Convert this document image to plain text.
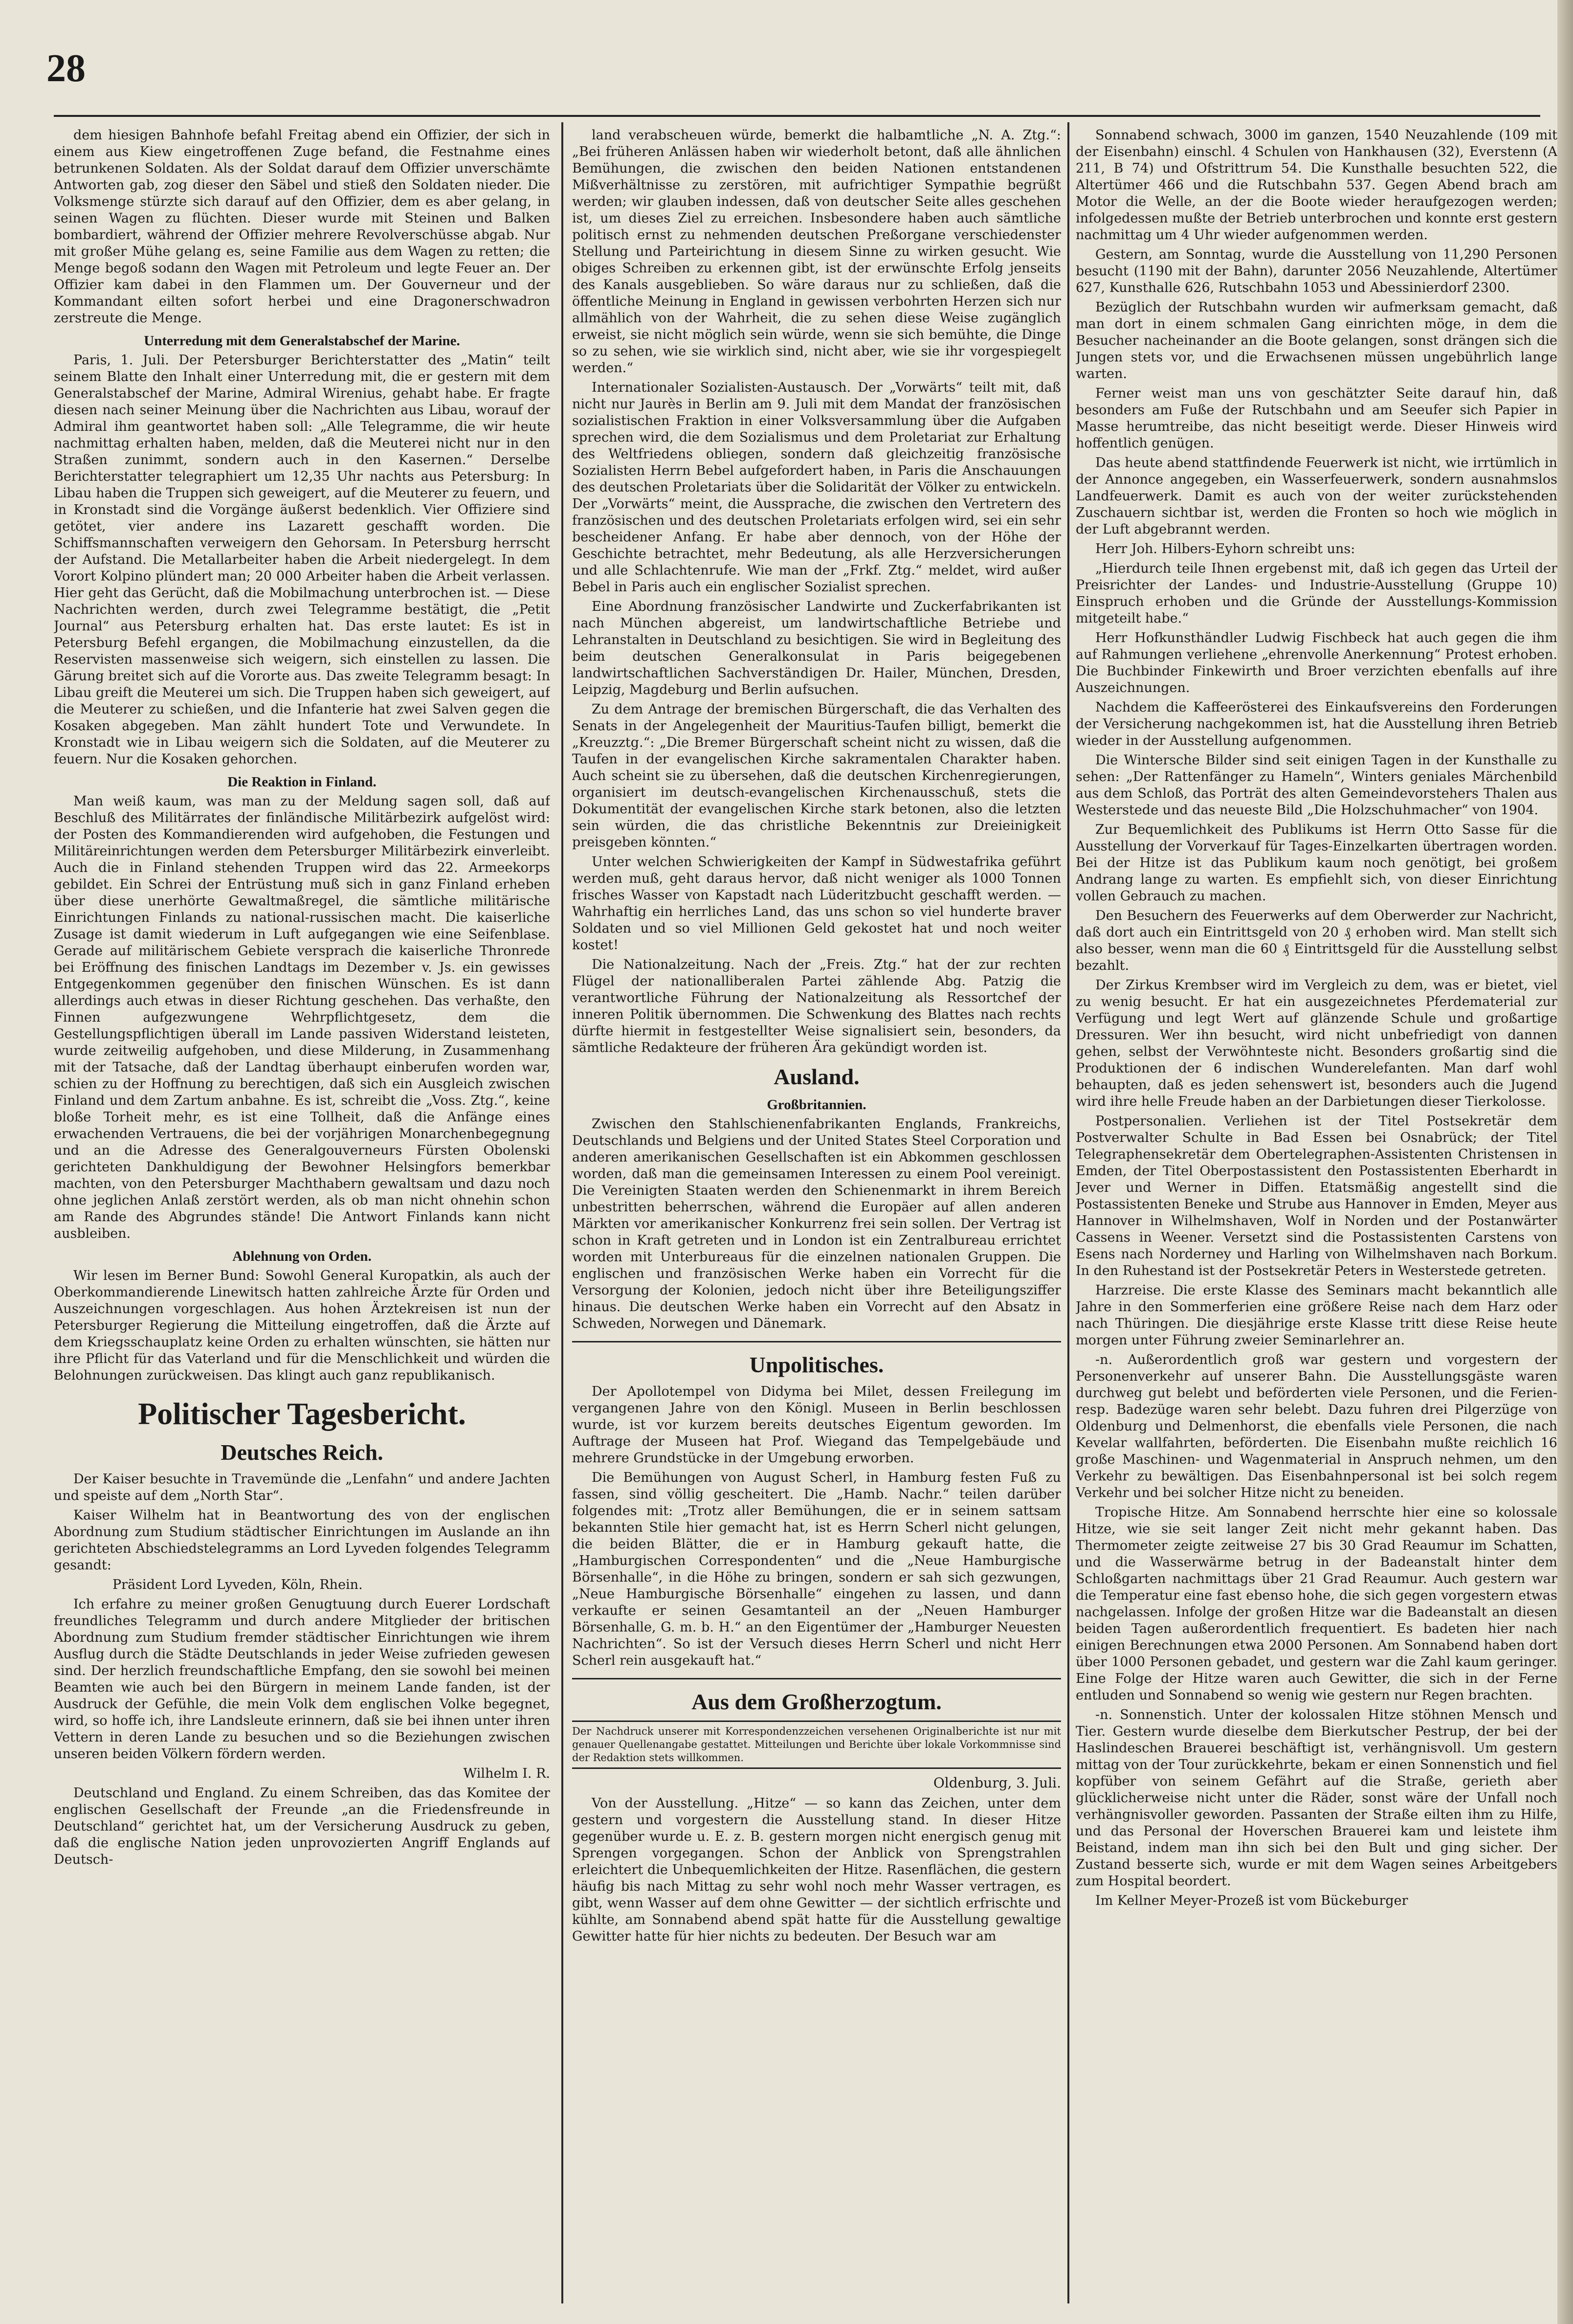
28

dem hiesigen Bahnhofe befahl Freitag abend ein Offizier, der sich in einem aus Kiew eingetroffenen Zuge befand, die Festnahme eines betrunkenen Soldaten. Als der Soldat darauf dem Offizier unverschämte Antworten gab, zog dieser den Säbel und stieß den Soldaten nieder. Die Volksmenge stürzte sich darauf auf den Offizier, dem es aber gelang, in seinen Wagen zu flüchten. Dieser wurde mit Steinen und Balken bombardiert, während der Offizier mehrere Revolverschüsse abgab. Nur mit großer Mühe gelang es, seine Familie aus dem Wagen zu retten; die Menge begoß sodann den Wagen mit Petroleum und legte Feuer an. Der Offizier kam dabei in den Flammen um. Der Gouverneur und der Kommandant eilten sofort herbei und eine Dragonerschwadron zerstreute die Menge.

Unterredung mit dem Generalstabschef der Marine.

Paris, 1. Juli. Der Petersburger Berichterstatter des „Matin“ teilt seinem Blatte den Inhalt einer Unterredung mit, die er gestern mit dem Generalstabschef der Marine, Admiral Wirenius, gehabt habe. Er fragte diesen nach seiner Meinung über die Nachrichten aus Libau, worauf der Admiral ihm geantwortet haben soll: „Alle Telegramme, die wir heute nachmittag erhalten haben, melden, daß die Meuterei nicht nur in den Straßen zunimmt, sondern auch in den Kasernen.“ Derselbe Berichterstatter telegraphiert um 12,35 Uhr nachts aus Petersburg: In Libau haben die Truppen sich geweigert, auf die Meuterer zu feuern, und in Kronstadt sind die Vorgänge äußerst bedenklich. Vier Offiziere sind getötet, vier andere ins Lazarett geschafft worden. Die Schiffsmannschaften verweigern den Gehorsam. In Petersburg herrscht der Aufstand. Die Metallarbeiter haben die Arbeit niedergelegt. In dem Vorort Kolpino plündert man; 20 000 Arbeiter haben die Arbeit verlassen. Hier geht das Gerücht, daß die Mobilmachung unterbrochen ist. — Diese Nachrichten werden, durch zwei Telegramme bestätigt, die „Petit Journal“ aus Petersburg erhalten hat. Das erste lautet: Es ist in Petersburg Befehl ergangen, die Mobilmachung einzustellen, da die Reservisten massenweise sich weigern, sich einstellen zu lassen. Die Gärung breitet sich auf die Vororte aus. Das zweite Telegramm besagt: In Libau greift die Meuterei um sich. Die Truppen haben sich geweigert, auf die Meuterer zu schießen, und die Infanterie hat zwei Salven gegen die Kosaken abgegeben. Man zählt hundert Tote und Verwundete. In Kronstadt wie in Libau weigern sich die Soldaten, auf die Meuterer zu feuern. Nur die Kosaken gehorchen.

Die Reaktion in Finland.

Man weiß kaum, was man zu der Meldung sagen soll, daß auf Beschluß des Militärrates der finländische Militärbezirk aufgelöst wird: der Posten des Kommandierenden wird aufgehoben, die Festungen und Militäreinrichtungen werden dem Petersburger Militärbezirk einverleibt. Auch die in Finland stehenden Truppen wird das 22. Armeekorps gebildet. Ein Schrei der Entrüstung muß sich in ganz Finland erheben über diese unerhörte Gewaltmaßregel, die sämtliche militärische Einrichtungen Finlands zu national-russischen macht. Die kaiserliche Zusage ist damit wiederum in Luft aufgegangen wie eine Seifenblase. Gerade auf militärischem Gebiete versprach die kaiserliche Thronrede bei Eröffnung des finischen Landtags im Dezember v. Js. ein gewisses Entgegenkommen gegenüber den finischen Wünschen. Es ist dann allerdings auch etwas in dieser Richtung geschehen. Das verhaßte, den Finnen aufgezwungene Wehrpflichtgesetz, dem die Gestellungspflichtigen überall im Lande passiven Widerstand leisteten, wurde zeitweilig aufgehoben, und diese Milderung, in Zusammenhang mit der Tatsache, daß der Landtag überhaupt einberufen worden war, schien zu der Hoffnung zu berechtigen, daß sich ein Ausgleich zwischen Finland und dem Zartum anbahne. Es ist, schreibt die „Voss. Ztg.“, keine bloße Torheit mehr, es ist eine Tollheit, daß die Anfänge eines erwachenden Vertrauens, die bei der vorjährigen Monarchenbegegnung und an die Adresse des Generalgouverneurs Fürsten Obolenski gerichteten Dankhuldigung der Bewohner Helsingfors bemerkbar machten, von den Petersburger Machthabern gewaltsam und dazu noch ohne jeglichen Anlaß zerstört werden, als ob man nicht ohnehin schon am Rande des Abgrundes stände! Die Antwort Finlands kann nicht ausbleiben.

Ablehnung von Orden.

Wir lesen im Berner Bund: Sowohl General Kuropatkin, als auch der Oberkommandierende Linewitsch hatten zahlreiche Ärzte für Orden und Auszeichnungen vorgeschlagen. Aus hohen Ärztekreisen ist nun der Petersburger Regierung die Mitteilung eingetroffen, daß die Ärzte auf dem Kriegsschauplatz keine Orden zu erhalten wünschten, sie hätten nur ihre Pflicht für das Vaterland und für die Menschlichkeit und würden die Belohnungen zurückweisen. Das klingt auch ganz republikanisch.

Politischer Tagesbericht.
Deutsches Reich.

Der Kaiser besuchte in Travemünde die „Lenfahn“ und andere Jachten und speiste auf dem „North Star“.

Kaiser Wilhelm hat in Beantwortung des von der englischen Abordnung zum Studium städtischer Einrichtungen im Auslande an ihn gerichteten Abschiedstelegramms an Lord Lyveden folgendes Telegramm gesandt:

Präsident Lord Lyveden, Köln, Rhein.

Ich erfahre zu meiner großen Genugtuung durch Euerer Lordschaft freundliches Telegramm und durch andere Mitglieder der britischen Abordnung zum Studium fremder städtischer Einrichtungen wie ihrem Ausflug durch die Städte Deutschlands in jeder Weise zufrieden gewesen sind. Der herzlich freundschaftliche Empfang, den sie sowohl bei meinen Beamten wie auch bei den Bürgern in meinem Lande fanden, ist der Ausdruck der Gefühle, die mein Volk dem englischen Volke begegnet, wird, so hoffe ich, ihre Landsleute erinnern, daß sie bei ihnen unter ihren Vettern in deren Lande zu besuchen und so die Beziehungen zwischen unseren beiden Völkern fördern werden.

Wilhelm I. R.

Deutschland und England. Zu einem Schreiben, das das Komitee der englischen Gesellschaft der Freunde „an die Friedensfreunde in Deutschland“ gerichtet hat, um der Versicherung Ausdruck zu geben, daß die englische Nation jeden unprovozierten Angriff Englands auf Deutsch-

land verabscheuen würde, bemerkt die halbamtliche „N. A. Ztg.“: „Bei früheren Anlässen haben wir wiederholt betont, daß alle ähnlichen Bemühungen, die zwischen den beiden Nationen entstandenen Mißverhältnisse zu zerstören, mit aufrichtiger Sympathie begrüßt werden; wir glauben indessen, daß von deutscher Seite alles geschehen ist, um dieses Ziel zu erreichen. Insbesondere haben auch sämtliche politisch ernst zu nehmenden deutschen Preßorgane verschiedenster Stellung und Parteirichtung in diesem Sinne zu wirken gesucht. Wie obiges Schreiben zu erkennen gibt, ist der erwünschte Erfolg jenseits des Kanals ausgeblieben. So wäre daraus nur zu schließen, daß die öffentliche Meinung in England in gewissen verbohrten Herzen sich nur allmählich von der Wahrheit, die zu sehen diese Weise zugänglich erweist, sie nicht möglich sein würde, wenn sie sich bemühte, die Dinge so zu sehen, wie sie wirklich sind, nicht aber, wie sie ihr vorgespiegelt werden.“

Internationaler Sozialisten-Austausch. Der „Vorwärts“ teilt mit, daß nicht nur Jaurès in Berlin am 9. Juli mit dem Mandat der französischen sozialistischen Fraktion in einer Volksversammlung über die Aufgaben sprechen wird, die dem Sozialismus und dem Proletariat zur Erhaltung des Weltfriedens obliegen, sondern daß gleichzeitig französische Sozialisten Herrn Bebel aufgefordert haben, in Paris die Anschauungen des deutschen Proletariats über die Solidarität der Völker zu entwickeln. Der „Vorwärts“ meint, die Aussprache, die zwischen den Vertretern des französischen und des deutschen Proletariats erfolgen wird, sei ein sehr bescheidener Anfang. Er habe aber dennoch, von der Höhe der Geschichte betrachtet, mehr Bedeutung, als alle Herzversicherungen und alle Schlachtenrufe. Wie man der „Frkf. Ztg.“ meldet, wird außer Bebel in Paris auch ein englischer Sozialist sprechen.

Eine Abordnung französischer Landwirte und Zuckerfabrikanten ist nach München abgereist, um landwirtschaftliche Betriebe und Lehranstalten in Deutschland zu besichtigen. Sie wird in Begleitung des beim deutschen Generalkonsulat in Paris beigegebenen landwirtschaftlichen Sachverständigen Dr. Hailer, München, Dresden, Leipzig, Magdeburg und Berlin aufsuchen.

Zu dem Antrage der bremischen Bürgerschaft, die das Verhalten des Senats in der Angelegenheit der Mauritius-Taufen billigt, bemerkt die „Kreuzztg.“: „Die Bremer Bürgerschaft scheint nicht zu wissen, daß die Taufen in der evangelischen Kirche sakramentalen Charakter haben. Auch scheint sie zu übersehen, daß die deutschen Kirchenregierungen, organisiert im deutsch-evangelischen Kirchenausschuß, stets die Dokumentität der evangelischen Kirche stark betonen, also die letzten sein würden, die das christliche Bekenntnis zur Dreieinigkeit preisgeben könnten.“

Unter welchen Schwierigkeiten der Kampf in Südwestafrika geführt werden muß, geht daraus hervor, daß nicht weniger als 1000 Tonnen frisches Wasser von Kapstadt nach Lüderitzbucht geschafft werden. — Wahrhaftig ein herrliches Land, das uns schon so viel hunderte braver Soldaten und so viel Millionen Geld gekostet hat und noch weiter kostet!

Die Nationalzeitung. Nach der „Freis. Ztg.“ hat der zur rechten Flügel der nationalliberalen Partei zählende Abg. Patzig die verantwortliche Führung der Nationalzeitung als Ressortchef der inneren Politik übernommen. Die Schwenkung des Blattes nach rechts dürfte hiermit in festgestellter Weise signalisiert sein, besonders, da sämtliche Redakteure der früheren Ära gekündigt worden ist.

Ausland.

Großbritannien.

Zwischen den Stahlschienenfabrikanten Englands, Frankreichs, Deutschlands und Belgiens und der United States Steel Corporation und anderen amerikanischen Gesellschaften ist ein Abkommen geschlossen worden, daß man die gemeinsamen Interessen zu einem Pool vereinigt. Die Vereinigten Staaten werden den Schienenmarkt in ihrem Bereich unbestritten beherrschen, während die Europäer auf allen anderen Märkten vor amerikanischer Konkurrenz frei sein sollen. Der Vertrag ist schon in Kraft getreten und in London ist ein Zentralbureau errichtet worden mit Unterbureaus für die einzelnen nationalen Gruppen. Die englischen und französischen Werke haben ein Vorrecht für die Versorgung der Kolonien, jedoch nicht über ihre Beteiligungsziffer hinaus. Die deutschen Werke haben ein Vorrecht auf den Absatz in Schweden, Norwegen und Dänemark.

Unpolitisches.

Der Apollotempel von Didyma bei Milet, dessen Freilegung im vergangenen Jahre von den Königl. Museen in Berlin beschlossen wurde, ist vor kurzem bereits deutsches Eigentum geworden. Im Auftrage der Museen hat Prof. Wiegand das Tempelgebäude und mehrere Grundstücke in der Umgebung erworben.

Die Bemühungen von August Scherl, in Hamburg festen Fuß zu fassen, sind völlig gescheitert. Die „Hamb. Nachr.“ teilen darüber folgendes mit: „Trotz aller Bemühungen, die er in seinem sattsam bekannten Stile hier gemacht hat, ist es Herrn Scherl nicht gelungen, die beiden Blätter, die er in Hamburg gekauft hatte, die „Hamburgischen Correspondenten“ und die „Neue Hamburgische Börsenhalle“, in die Höhe zu bringen, sondern er sah sich gezwungen, „Neue Hamburgische Börsenhalle“ eingehen zu lassen, und dann verkaufte er seinen Gesamtanteil an der „Neuen Hamburger Börsenhalle, G. m. b. H.“ an den Eigentümer der „Hamburger Neuesten Nachrichten“. So ist der Versuch dieses Herrn Scherl und nicht Herr Scherl rein ausgekauft hat.“

Aus dem Großherzogtum.

Der Nachdruck unserer mit Korrespondenzzeichen versehenen Originalberichte ist nur mit genauer Quellenangabe gestattet. Mitteilungen und Berichte über lokale Vorkommnisse sind der Redaktion stets willkommen.

Oldenburg, 3. Juli.

Von der Ausstellung. „Hitze“ — so kann das Zeichen, unter dem gestern und vorgestern die Ausstellung stand. In dieser Hitze gegenüber wurde u. E. z. B. gestern morgen nicht energisch genug mit Sprengen vorgegangen. Schon der Anblick von Sprengstrahlen erleichtert die Unbequemlichkeiten der Hitze. Rasenflächen, die gestern häufig bis nach Mittag zu sehr wohl noch mehr Wasser vertragen, es gibt, wenn Wasser auf dem ohne Gewitter — der sichtlich erfrischte und kühlte, am Sonnabend abend spät hatte für die Ausstellung gewaltige Gewitter hatte für hier nichts zu bedeuten. Der Besuch war am

Sonnabend schwach, 3000 im ganzen, 1540 Neuzahlende (109 mit der Eisenbahn) einschl. 4 Schulen von Hankhausen (32), Everstenn (A 211, B 74) und Ofstrittrum 54. Die Kunsthalle besuchten 522, die Altertümer 466 und die Rutschbahn 537. Gegen Abend brach am Motor die Welle, an der die Boote wieder heraufgezogen werden; infolgedessen mußte der Betrieb unterbrochen und konnte erst gestern nachmittag um 4 Uhr wieder aufgenommen werden.

Gestern, am Sonntag, wurde die Ausstellung von 11,290 Personen besucht (1190 mit der Bahn), darunter 2056 Neuzahlende, Altertümer 627, Kunsthalle 626, Rutschbahn 1053 und Abessinierdorf 2300.

Bezüglich der Rutschbahn wurden wir aufmerksam gemacht, daß man dort in einem schmalen Gang einrichten möge, in dem die Besucher nacheinander an die Boote gelangen, sonst drängen sich die Jungen stets vor, und die Erwachsenen müssen ungebührlich lange warten.

Ferner weist man uns von geschätzter Seite darauf hin, daß besonders am Fuße der Rutschbahn und am Seeufer sich Papier in Masse herumtreibe, das nicht beseitigt werde. Dieser Hinweis wird hoffentlich genügen.

Das heute abend stattfindende Feuerwerk ist nicht, wie irrtümlich in der Annonce angegeben, ein Wasserfeuerwerk, sondern ausnahmslos Landfeuerwerk. Damit es auch von der weiter zurückstehenden Zuschauern sichtbar ist, werden die Fronten so hoch wie möglich in der Luft abgebrannt werden.

Herr Joh. Hilbers-Eyhorn schreibt uns:

„Hierdurch teile Ihnen ergebenst mit, daß ich gegen das Urteil der Preisrichter der Landes- und Industrie-Ausstellung (Gruppe 10) Einspruch erhoben und die Gründe der Ausstellungs-Kommission mitgeteilt habe.“

Herr Hofkunsthändler Ludwig Fischbeck hat auch gegen die ihm auf Rahmungen verliehene „ehrenvolle Anerkennung“ Protest erhoben. Die Buchbinder Finkewirth und Broer verzichten ebenfalls auf ihre Auszeichnungen.

Nachdem die Kaffeerösterei des Einkaufsvereins den Forderungen der Versicherung nachgekommen ist, hat die Ausstellung ihren Betrieb wieder in der Ausstellung aufgenommen.

Die Wintersche Bilder sind seit einigen Tagen in der Kunsthalle zu sehen: „Der Rattenfänger zu Hameln“, Winters geniales Märchenbild aus dem Schloß, das Porträt des alten Gemeindevorstehers Thalen aus Westerstede und das neueste Bild „Die Holzschuhmacher“ von 1904.

Zur Bequemlichkeit des Publikums ist Herrn Otto Sasse für die Ausstellung der Vorverkauf für Tages-Einzelkarten übertragen worden. Bei der Hitze ist das Publikum kaum noch genötigt, bei großem Andrang lange zu warten. Es empfiehlt sich, von dieser Einrichtung vollen Gebrauch zu machen.

Den Besuchern des Feuerwerks auf dem Oberwerder zur Nachricht, daß dort auch ein Eintrittsgeld von 20 ₰ erhoben wird. Man stellt sich also besser, wenn man die 60 ₰ Eintrittsgeld für die Ausstellung selbst bezahlt.

Der Zirkus Krembser wird im Vergleich zu dem, was er bietet, viel zu wenig besucht. Er hat ein ausgezeichnetes Pferdematerial zur Verfügung und legt Wert auf glänzende Schule und großartige Dressuren. Wer ihn besucht, wird nicht unbefriedigt von dannen gehen, selbst der Verwöhnteste nicht. Besonders großartig sind die Produktionen der 6 indischen Wunderelefanten. Man darf wohl behaupten, daß es jeden sehenswert ist, besonders auch die Jugend wird ihre helle Freude haben an der Darbietungen dieser Tierkolosse.

Postpersonalien. Verliehen ist der Titel Postsekretär dem Postverwalter Schulte in Bad Essen bei Osnabrück; der Titel Telegraphensekretär dem Obertelegraphen-Assistenten Christensen in Emden, der Titel Oberpostassistent den Postassistenten Eberhardt in Jever und Werner in Diffen. Etatsmäßig angestellt sind die Postassistenten Beneke und Strube aus Hannover in Emden, Meyer aus Hannover in Wilhelmshaven, Wolf in Norden und der Postanwärter Cassens in Weener. Versetzt sind die Postassistenten Carstens von Esens nach Norderney und Harling von Wilhelmshaven nach Borkum. In den Ruhestand ist der Postsekretär Peters in Westerstede getreten.

Harzreise. Die erste Klasse des Seminars macht bekanntlich alle Jahre in den Sommerferien eine größere Reise nach dem Harz oder nach Thüringen. Die diesjährige erste Klasse tritt diese Reise heute morgen unter Führung zweier Seminarlehrer an.

-n. Außerordentlich groß war gestern und vorgestern der Personenverkehr auf unserer Bahn. Die Ausstellungsgäste waren durchweg gut belebt und beförderten viele Personen, und die Ferien- resp. Badezüge waren sehr belebt. Dazu fuhren drei Pilgerzüge von Oldenburg und Delmenhorst, die ebenfalls viele Personen, die nach Kevelar wallfahrten, beförderten. Die Eisenbahn mußte reichlich 16 große Maschinen- und Wagenmaterial in Anspruch nehmen, um den Verkehr zu bewältigen. Das Eisenbahnpersonal ist bei solch regem Verkehr und bei solcher Hitze nicht zu beneiden.

Tropische Hitze. Am Sonnabend herrschte hier eine so kolossale Hitze, wie sie seit langer Zeit nicht mehr gekannt haben. Das Thermometer zeigte zeitweise 27 bis 30 Grad Reaumur im Schatten, und die Wasserwärme betrug in der Badeanstalt hinter dem Schloßgarten nachmittags über 21 Grad Reaumur. Auch gestern war die Temperatur eine fast ebenso hohe, die sich gegen vorgestern etwas nachgelassen. Infolge der großen Hitze war die Badeanstalt an diesen beiden Tagen außerordentlich frequentiert. Es badeten hier nach einigen Berechnungen etwa 2000 Personen. Am Sonnabend haben dort über 1000 Personen gebadet, und gestern war die Zahl kaum geringer. Eine Folge der Hitze waren auch Gewitter, die sich in der Ferne entluden und Sonnabend so wenig wie gestern nur Regen brachten.

-n. Sonnenstich. Unter der kolossalen Hitze stöhnen Mensch und Tier. Gestern wurde dieselbe dem Bierkutscher Pestrup, der bei der Haslindeschen Brauerei beschäftigt ist, verhängnisvoll. Um gestern mittag von der Tour zurückkehrte, bekam er einen Sonnenstich und fiel kopfüber von seinem Gefährt auf die Straße, gerieth aber glücklicherweise nicht unter die Räder, sonst wäre der Unfall noch verhängnisvoller geworden. Passanten der Straße eilten ihm zu Hilfe, und das Personal der Hoverschen Brauerei kam und leistete ihm Beistand, indem man ihn sich bei den Bult und ging sicher. Der Zustand besserte sich, wurde er mit dem Wagen seines Arbeitgebers zum Hospital beordert.

Im Kellner Meyer-Prozeß ist vom Bückeburger
